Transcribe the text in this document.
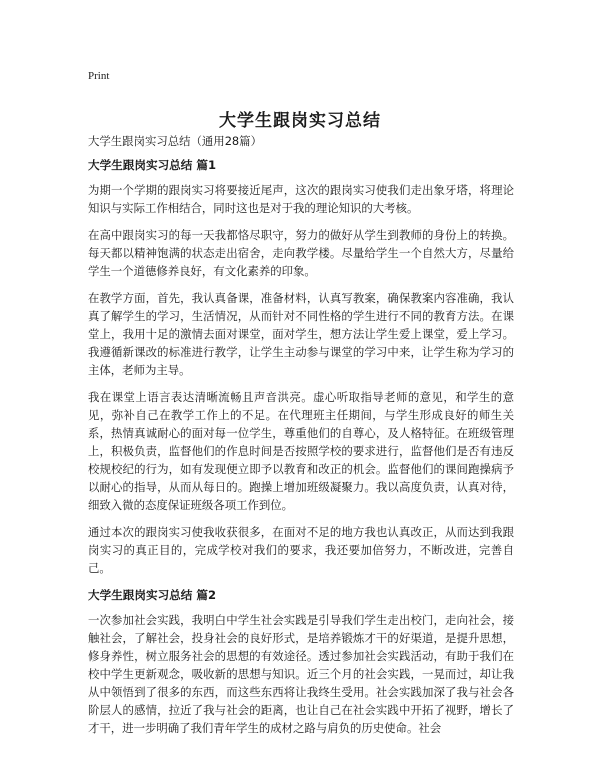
Print
大学生跟岗实习总结

大学生跟岗实习总结（通用28篇）

大学生跟岗实习总结 篇1

为期一个学期的跟岗实习将要接近尾声，这次的跟岗实习使我们走出象牙塔，将理论知识与实际工作相结合，同时这也是对于我的理论知识的大考核。

在高中跟岗实习的每一天我都恪尽职守，努力的做好从学生到教师的身份上的转换。每天都以精神饱满的状态走出宿舍，走向教学楼。尽量给学生一个自然大方，尽量给学生一个道德修养良好，有文化素养的印象。

在教学方面，首先，我认真备课，准备材料，认真写教案，确保教案内容准确，我认真了解学生的学习，生活情况，从而针对不同性格的学生进行不同的教育方法。在课堂上，我用十足的激情去面对课堂，面对学生，想方法让学生爱上课堂，爱上学习。我遵循新课改的标准进行教学，让学生主动参与课堂的学习中来，让学生称为学习的主体，老师为主导。

我在课堂上语言表达清晰流畅且声音洪亮。虚心听取指导老师的意见，和学生的意见，弥补自己在教学工作上的不足。在代理班主任期间，与学生形成良好的师生关系，热情真诚耐心的面对每一位学生，尊重他们的自尊心，及人格特征。在班级管理上，积极负责，监督他们的作息时间是否按照学校的要求进行，监督他们是否有违反校规校纪的行为，如有发现便立即予以教育和改正的机会。监督他们的课间跑操病予以耐心的指导，从而从每日的。跑操上增加班级凝聚力。我以高度负责，认真对待，细致入微的态度保证班级各项工作到位。

通过本次的跟岗实习使我收获很多，在面对不足的地方我也认真改正，从而达到我跟岗实习的真正目的，完成学校对我们的要求，我还要加倍努力，不断改进，完善自己。

大学生跟岗实习总结 篇2

一次参加社会实践，我明白中学生社会实践是引导我们学生走出校门，走向社会，接触社会，了解社会，投身社会的良好形式，是培养锻炼才干的好渠道，是提升思想，修身养性，树立服务社会的思想的有效途径。透过参加社会实践活动，有助于我们在校中学生更新观念，吸收新的思想与知识。近三个月的社会实践，一晃而过，却让我从中领悟到了很多的东西，而这些东西将让我终生受用。社会实践加深了我与社会各阶层人的感情，拉近了我与社会的距离，也让自己在社会实践中开拓了视野，增长了才干，进一步明确了我们青年学生的成材之路与肩负的历史使命。社会
